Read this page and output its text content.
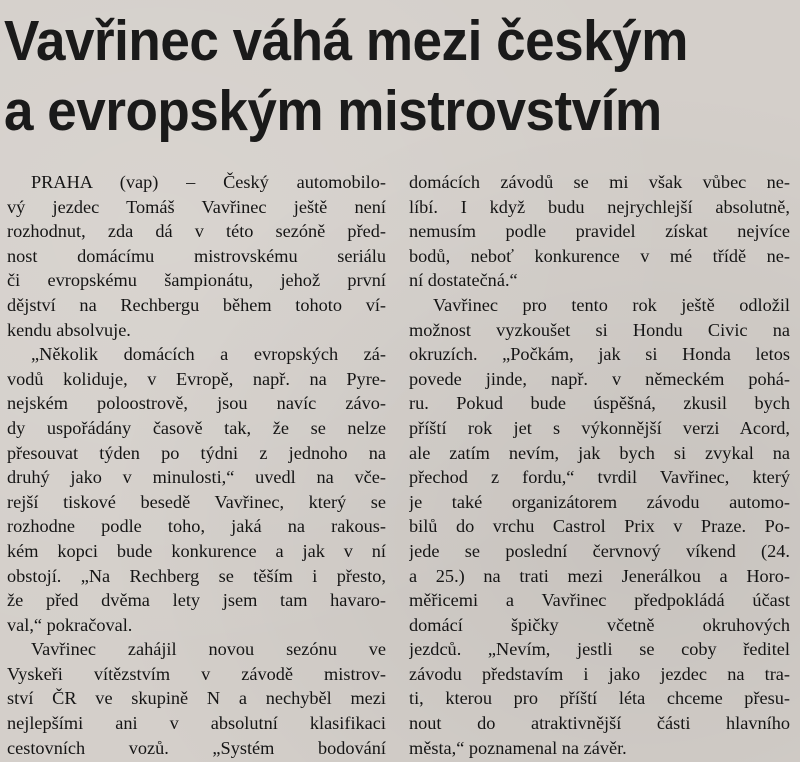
Vavřinec váhá mezi českým
a evropským mistrovstvím
PRAHA (vap) – Český automobilo-
vý jezdec Tomáš Vavřinec ještě není
rozhodnut, zda dá v této sezóně před-
nost domácímu mistrovskému seriálu
či evropskému šampionátu, jehož první
dějství na Rechbergu během tohoto ví-
kendu absolvuje.
„Několik domácích a evropských zá-
vodů koliduje, v Evropě, např. na Pyre-
nejském poloostrově, jsou navíc závo-
dy uspořádány časově tak, že se nelze
přesouvat týden po týdni z jednoho na
druhý jako v minulosti,“ uvedl na vče-
rejší tiskové besedě Vavřinec, který se
rozhodne podle toho, jaká na rakous-
kém kopci bude konkurence a jak v ní
obstojí. „Na Rechberg se těším i přesto,
že před dvěma lety jsem tam havaro-
val,“ pokračoval.
Vavřinec zahájil novou sezónu ve
Vyskeři vítězstvím v závodě mistrov-
ství ČR ve skupině N a nechyběl mezi
nejlepšími ani v absolutní klasifikaci
cestovních vozů. „Systém bodování
domácích závodů se mi však vůbec ne-
líbí. I když budu nejrychlejší absolutně,
nemusím podle pravidel získat nejvíce
bodů, neboť konkurence v mé třídě ne-
ní dostatečná.“
Vavřinec pro tento rok ještě odložil
možnost vyzkoušet si Hondu Civic na
okruzích. „Počkám, jak si Honda letos
povede jinde, např. v německém pohá-
ru. Pokud bude úspěšná, zkusil bych
příští rok jet s výkonnější verzi Acord,
ale zatím nevím, jak bych si zvykal na
přechod z fordu,“ tvrdil Vavřinec, který
je také organizátorem závodu automo-
bilů do vrchu Castrol Prix v Praze. Po-
jede se poslední červnový víkend (24.
a 25.) na trati mezi Jenerálkou a Horo-
měřicemi a Vavřinec předpokládá účast
domácí špičky včetně okruhových
jezdců. „Nevím, jestli se coby ředitel
závodu představím i jako jezdec na tra-
ti, kterou pro příští léta chceme přesu-
nout do atraktivnější části hlavního
města,“ poznamenal na závěr.
